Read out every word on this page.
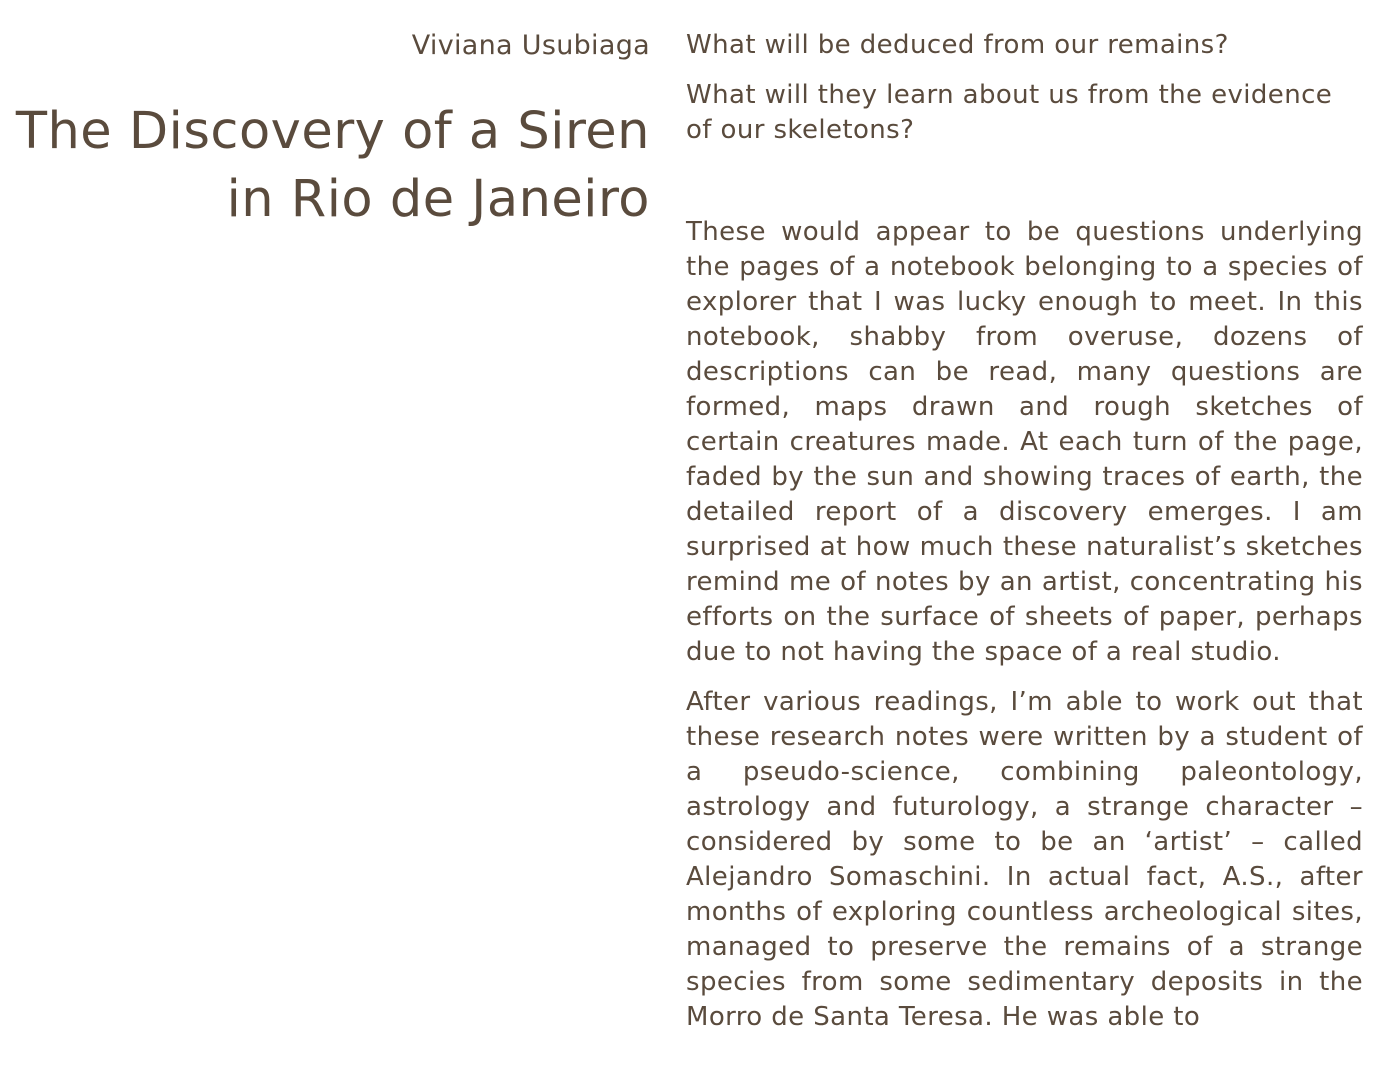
Viviana Usubiaga
The Discovery of a Siren
in Rio de Janeiro

What will be deduced from our remains?

What will they learn about us from the evidence of our skeletons?

These would appear to be questions underlying the pages of a notebook belonging to a species of explorer that I was lucky enough to meet. In this notebook, shabby from overuse, dozens of descriptions can be read, many questions are formed, maps drawn and rough sketches of certain creatures made. At each turn of the page, faded by the sun and showing traces of earth, the detailed report of a discovery emerges. I am surprised at how much these naturalist’s sketches remind me of notes by an artist, concentrating his efforts on the surface of sheets of paper, perhaps due to not having the space of a real studio.

After various readings, I’m able to work out that these research notes were written by a student of a pseudo-science, combining paleontology, astrology and futurology, a strange character – considered by some to be an ‘artist’ – called Alejandro Somaschini. In actual fact, A.S., after months of exploring countless archeological sites, managed to preserve the remains of a strange species from some sedimentary deposits in the Morro de Santa Teresa. He was able to
